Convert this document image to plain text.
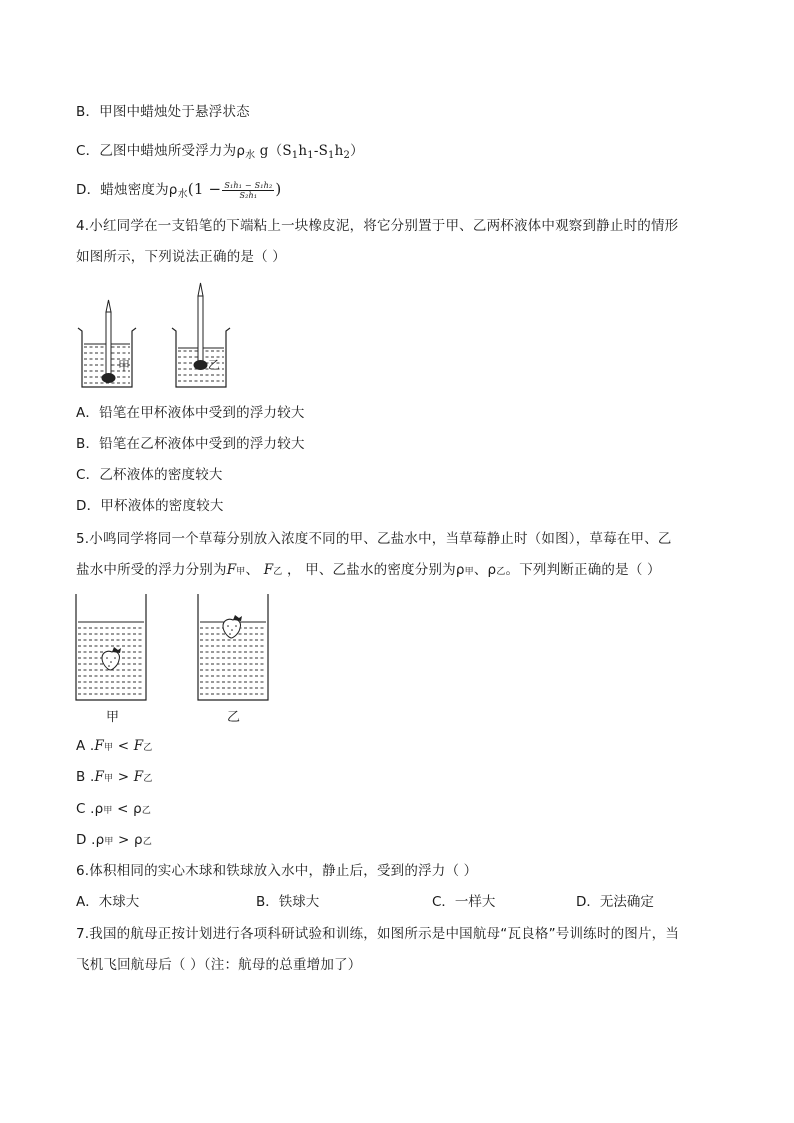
B．甲图中蜡烛处于悬浮状态
C．乙图中蜡烛所受浮力为$\rho_水$ $g(S_1h_1-S_1h_2)$
D．蜡烛密度为$\rho_水(1 - \frac{\text{S₁h₁ − S₁h₂}}{\text{S₂h₁}}$ )
4.小红同学在一支铅笔的下端粘上一块橡皮泥，将它分别置于甲、乙两杯液体中观察到静止时的情形
如图所示，下列说法正确的是（ ）
甲	乙
A．铅笔在甲杯液体中受到的浮力较大
B．铅笔在乙杯液体中受到的浮力较大
C．乙杯液体的密度较大
D．甲杯液体的密度较大
5.小鸣同学将同一个草莓分别放入浓度不同的甲、乙盐水中，当草莓静止时（如图），草莓在甲、乙
盐水中所受的浮力分别为F甲、 F乙 ， 甲、乙盐水的密度分别为ρ甲、ρ乙。下列判断正确的是（ ）
甲	乙
A .F甲 < F乙
B .F甲 > F乙
C .ρ甲 < ρ乙
D .ρ甲 > ρ乙
6.体积相同的实心木球和铁球放入水中，静止后，受到的浮力（ ）
A．木球大	B．铁球大	C．一样大	D．无法确定
7.我国的航母正按计划进行各项科研试验和训练，如图所示是中国航母“瓦良格”号训练时的图片，当
飞机飞回航母后（ ）（注：航母的总重增加了）
